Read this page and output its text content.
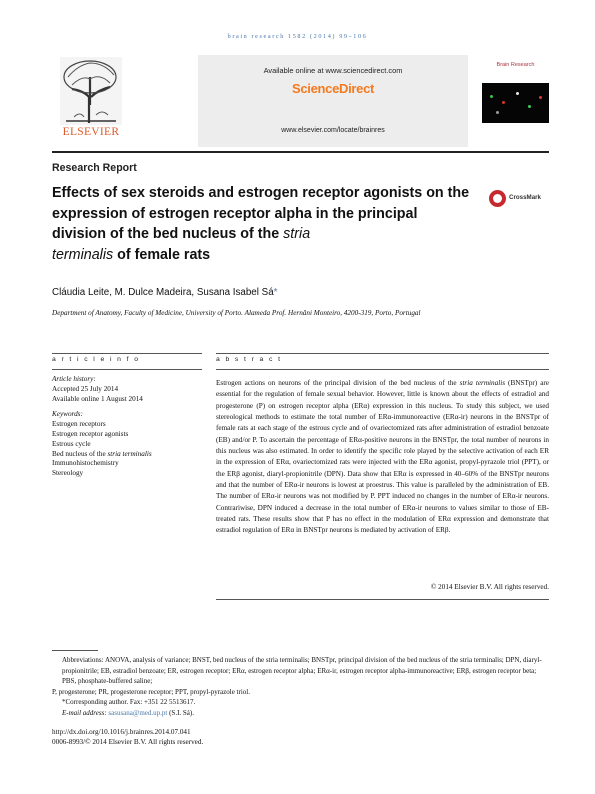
brain research 1582 (2014) 99–106
ELSEVIER
Available online at www.sciencedirect.com
ScienceDirect
www.elsevier.com/locate/brainres
Brain Research
Research Report
Effects of sex steroids and estrogen receptor agonists on the expression of estrogen receptor alpha in the principal division of the bed nucleus of the stria
terminalis of female rats
CrossMark
Cláudia Leite, M. Dulce Madeira, Susana Isabel Sá*
Department of Anatomy, Faculty of Medicine, University of Porto. Alameda Prof. Hernâni Monteiro, 4200-319, Porto, Portugal
a r t i c l e i n f o	a b s t r a c t
Article history:
Accepted 25 July 2014
Available online 1 August 2014
Keywords:
Estrogen receptors
Estrogen receptor agonists
Estrous cycle
Bed nucleus of the stria terminalis
Immunohistochemistry
Stereology
Estrogen actions on neurons of the principal division of the bed nucleus of the stria terminalis (BNSTpr) are essential for the regulation of female sexual behavior. However, little is known about the effects of estradiol and progesterone (P) on estrogen receptor alpha (ERα) expression in this nucleus. To study this subject, we used stereological methods to estimate the total number of ERα-immunoreactive (ERα-ir) neurons in the BNSTpr of female rats at each stage of the estrous cycle and of ovariectomized rats after administration of estradiol benzoate (EB) and/or P. To ascertain the percentage of ERα-positive neurons in the BNSTpr, the total number of neurons in this nucleus was also estimated. In order to identify the specific role played by the selective activation of each ER in the expression of ERα, ovariectomized rats were injected with the ERα agonist, propyl-pyrazole triol (PPT), or the ERβ agonist, diaryl-propionitrile (DPN). Data show that ERα is expressed in 40–60% of the BNSTpr neurons and that the number of ERα-ir neurons is lowest at proestrus. This value is paralleled by the administration of EB. The number of ERα-ir neurons was not modified by P. PPT induced no changes in the number of ERα-ir neurons. Contrariwise, DPN induced a decrease in the total number of ERα-ir neurons to values similar to those of EB-treated rats. These results show that P has no effect in the modulation of ERα expression and demonstrate that estradiol regulation of ERα in BNSTpr neurons is mediated by activation of ERβ.
© 2014 Elsevier B.V. All rights reserved.
Abbreviations: ANOVA, analysis of variance; BNST, bed nucleus of the stria terminalis; BNSTpr, principal division of the bed nucleus of the stria terminalis; DPN, diaryl-propionitrile; EB, estradiol benzoate; ER, estrogen receptor; ERα, estrogen receptor alpha; ERα-ir, estrogen receptor alpha-immunoreactive; ERβ, estrogen receptor beta; PBS, phosphate-buffered saline;
P, progesterone; PR, progesterone receptor; PPT, propyl-pyrazole triol.
*Corresponding author. Fax: +351 22 5513617.
E-mail address: sasusana@med.up.pt (S.I. Sá).
http://dx.doi.org/10.1016/j.brainres.2014.07.041
0006-8993/© 2014 Elsevier B.V. All rights reserved.
